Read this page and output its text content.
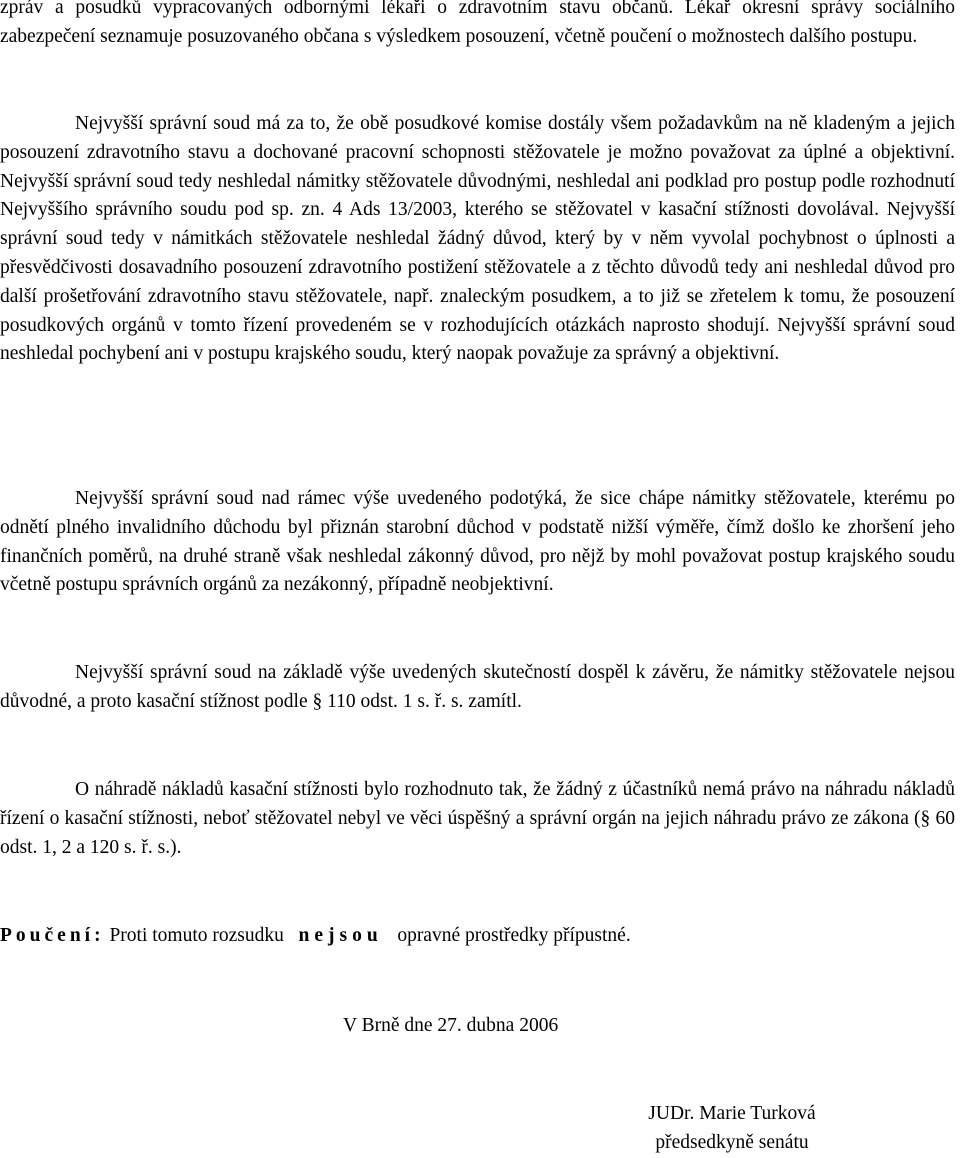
zpráv a posudků vypracovaných odbornými lékaři o zdravotním stavu občanů. Lékař okresní správy sociálního zabezpečení seznamuje posuzovaného občana s výsledkem posouzení, včetně poučení o možnostech dalšího postupu.

Nejvyšší správní soud má za to, že obě posudkové komise dostály všem požadavkům na ně kladeným a jejich posouzení zdravotního stavu a dochované pracovní schopnosti stěžovatele je možno považovat za úplné a objektivní. Nejvyšší správní soud tedy neshledal námitky stěžovatele důvodnými, neshledal ani podklad pro postup podle rozhodnutí Nejvyššího správního soudu pod sp. zn. 4 Ads 13/2003, kterého se stěžovatel v kasační stížnosti dovolával. Nejvyšší správní soud tedy v námitkách stěžovatele neshledal žádný důvod, který by v něm vyvolal pochybnost o úplnosti a přesvědčivosti dosavadního posouzení zdravotního postižení stěžovatele a z těchto důvodů tedy ani neshledal důvod pro další prošetřování zdravotního stavu stěžovatele, např. znaleckým posudkem, a to již se zřetelem k tomu, že posouzení posudkových orgánů v tomto řízení provedeném se v rozhodujících otázkách naprosto shodují. Nejvyšší správní soud neshledal pochybení ani v postupu krajského soudu, který naopak považuje za správný a objektivní.

Nejvyšší správní soud nad rámec výše uvedeného podotýká, že sice chápe námitky stěžovatele, kterému po odnětí plného invalidního důchodu byl přiznán starobní důchod v podstatě nižší výměře, čímž došlo ke zhoršení jeho finančních poměrů, na druhé straně však neshledal zákonný důvod, pro nějž by mohl považovat postup krajského soudu včetně postupu správních orgánů za nezákonný, případně neobjektivní.

Nejvyšší správní soud na základě výše uvedených skutečností dospěl k závěru, že námitky stěžovatele nejsou důvodné, a proto kasační stížnost podle § 110 odst. 1 s. ř. s. zamítl.

O náhradě nákladů kasační stížnosti bylo rozhodnuto tak, že žádný z účastníků nemá právo na náhradu nákladů řízení o kasační stížnosti, neboť stěžovatel nebyl ve věci úspěšný a správní orgán na jejich náhradu právo ze zákona (§ 60 odst. 1, 2 a 120 s. ř. s.).

Poučení: Proti tomuto rozsudku nejsou opravné prostředky přípustné.
V Brně dne 27. dubna 2006
JUDr. Marie Turková
předsedkyně senátu
